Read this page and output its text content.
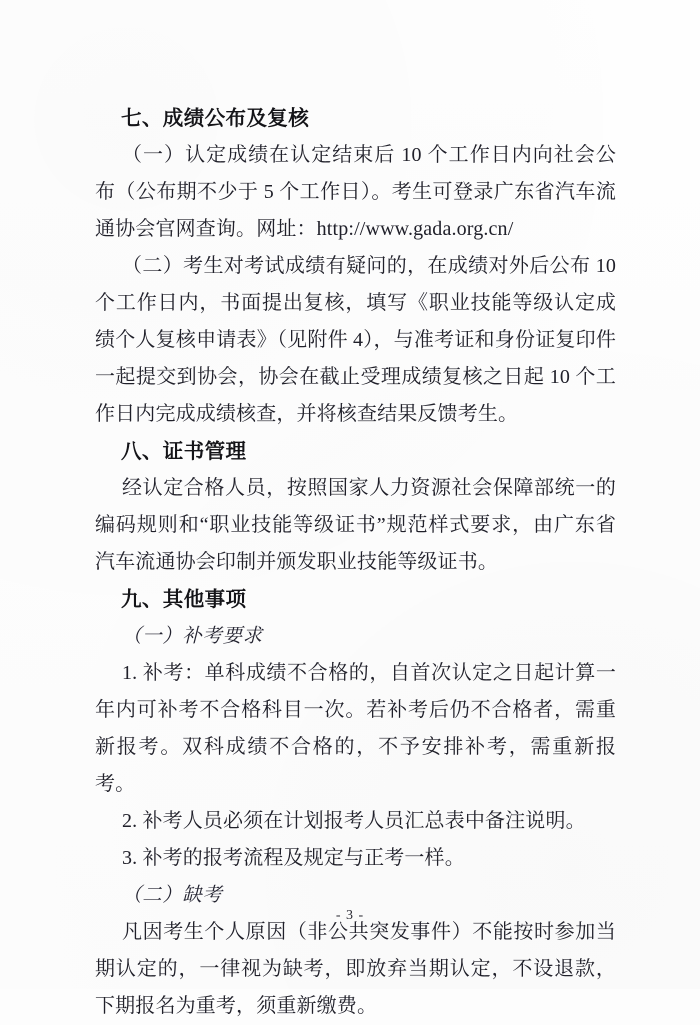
七、成绩公布及复核
（一）认定成绩在认定结束后 10 个工作日内向社会公布（公布期不少于 5 个工作日）。考生可登录广东省汽车流通协会官网查询。网址：http://www.gada.org.cn/
（二）考生对考试成绩有疑问的，在成绩对外后公布 10 个工作日内，书面提出复核，填写《职业技能等级认定成绩个人复核申请表》（见附件 4），与准考证和身份证复印件一起提交到协会，协会在截止受理成绩复核之日起 10 个工作日内完成成绩核查，并将核查结果反馈考生。
八、证书管理
经认定合格人员，按照国家人力资源社会保障部统一的编码规则和“职业技能等级证书”规范样式要求，由广东省汽车流通协会印制并颁发职业技能等级证书。
九、其他事项
（一）补考要求
1. 补考：单科成绩不合格的，自首次认定之日起计算一年内可补考不合格科目一次。若补考后仍不合格者，需重新报考。双科成绩不合格的，不予安排补考，需重新报考。
2. 补考人员必须在计划报考人员汇总表中备注说明。
3. 补考的报考流程及规定与正考一样。
（二）缺考
凡因考生个人原因（非公共突发事件）不能按时参加当期认定的，一律视为缺考，即放弃当期认定，不设退款，下期报名为重考，须重新缴费。
- 3 -
